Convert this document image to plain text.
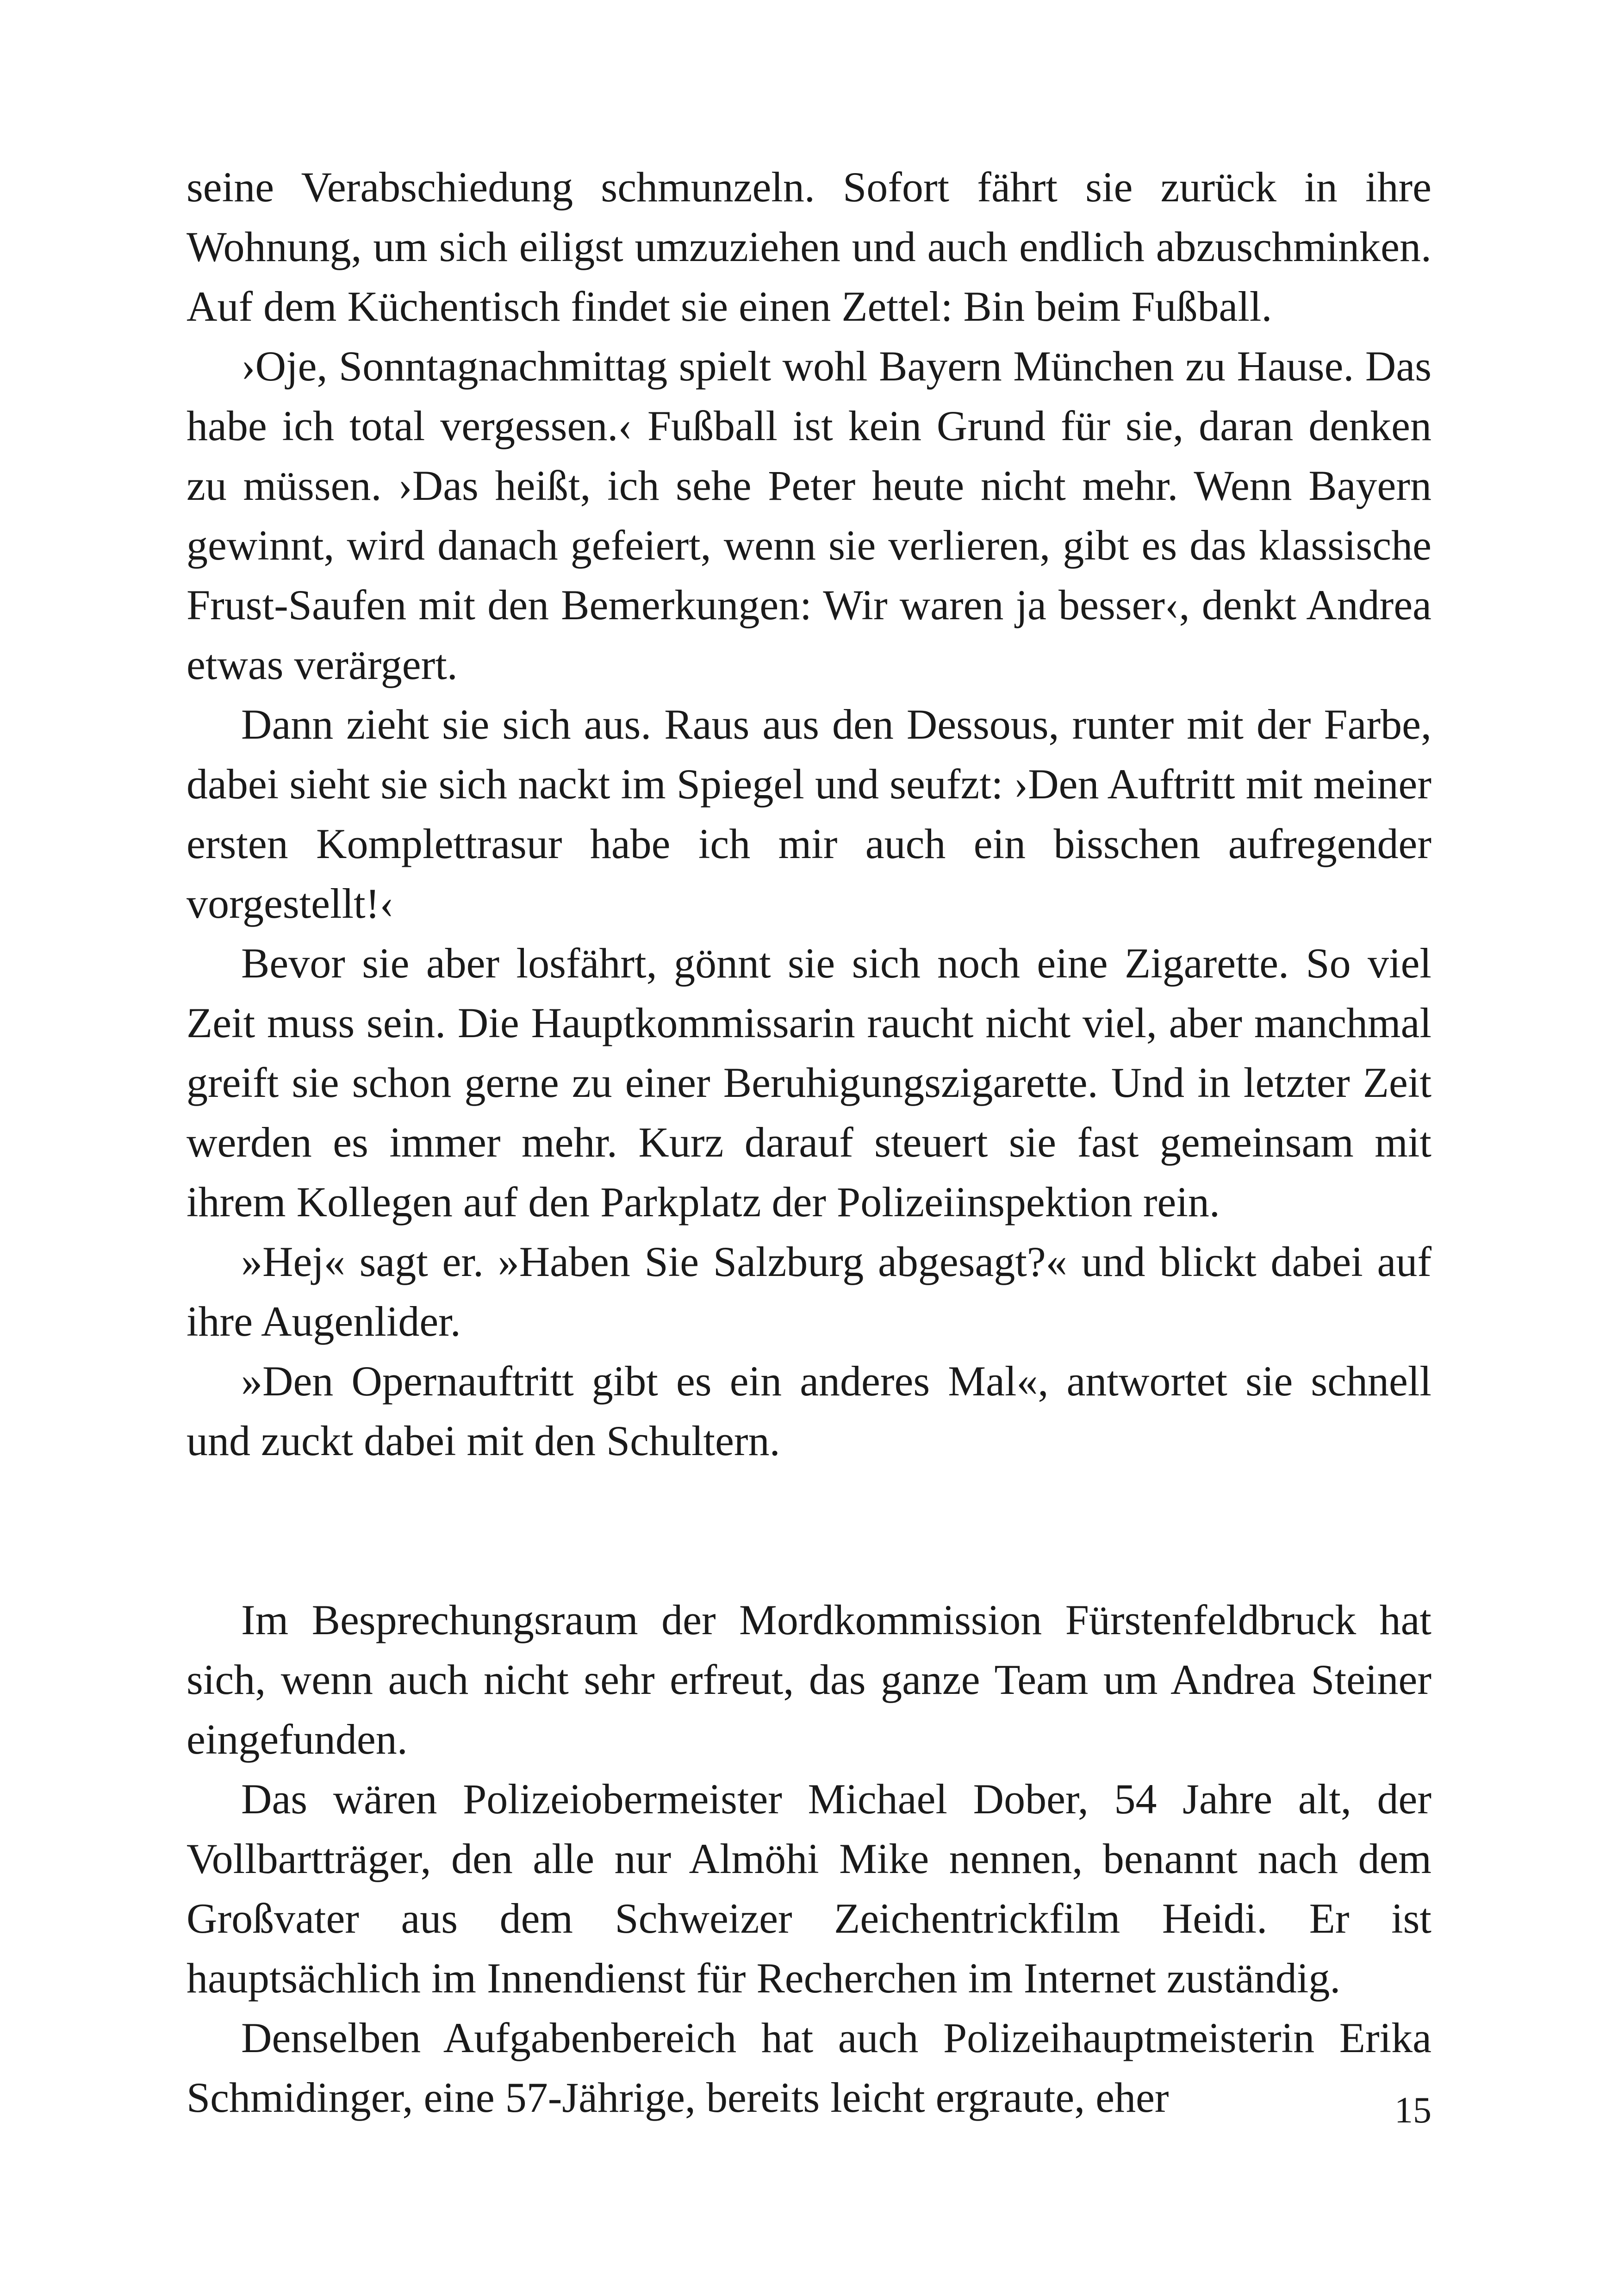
seine Verabschiedung schmunzeln. Sofort fährt sie zurück in ihre Wohnung, um sich eiligst umzuziehen und auch endlich abzuschminken. Auf dem Küchentisch findet sie einen Zettel: Bin beim Fußball.

›Oje, Sonntagnachmittag spielt wohl Bayern München zu Hause. Das habe ich total vergessen.‹ Fußball ist kein Grund für sie, daran denken zu müssen. ›Das heißt, ich sehe Peter heute nicht mehr. Wenn Bayern gewinnt, wird danach gefeiert, wenn sie verlieren, gibt es das klassische Frust-Saufen mit den Bemerkungen: Wir waren ja besser‹, denkt Andrea etwas verärgert.

Dann zieht sie sich aus. Raus aus den Dessous, runter mit der Farbe, dabei sieht sie sich nackt im Spiegel und seufzt: ›Den Auftritt mit meiner ersten Komplettrasur habe ich mir auch ein bisschen aufregender vorgestellt!‹

Bevor sie aber losfährt, gönnt sie sich noch eine Zigarette. So viel Zeit muss sein. Die Hauptkommissarin raucht nicht viel, aber manchmal greift sie schon gerne zu einer Beruhigungszigarette. Und in letzter Zeit werden es immer mehr. Kurz darauf steuert sie fast gemeinsam mit ihrem Kollegen auf den Parkplatz der Polizeiinspektion rein.

»Hej« sagt er. »Haben Sie Salzburg abgesagt?« und blickt dabei auf ihre Augenlider.

»Den Opernauftritt gibt es ein anderes Mal«, antwortet sie schnell und zuckt dabei mit den Schultern.

Im Besprechungsraum der Mordkommission Fürstenfeldbruck hat sich, wenn auch nicht sehr erfreut, das ganze Team um Andrea Steiner eingefunden.

Das wären Polizeiobermeister Michael Dober, 54 Jahre alt, der Vollbartträger, den alle nur Almöhi Mike nennen, benannt nach dem Großvater aus dem Schweizer Zeichentrickfilm Heidi. Er ist hauptsächlich im Innendienst für Recherchen im Internet zuständig.

Denselben Aufgabenbereich hat auch Polizeihauptmeisterin Erika Schmidinger, eine 57-Jährige, bereits leicht ergraute, eher	15
